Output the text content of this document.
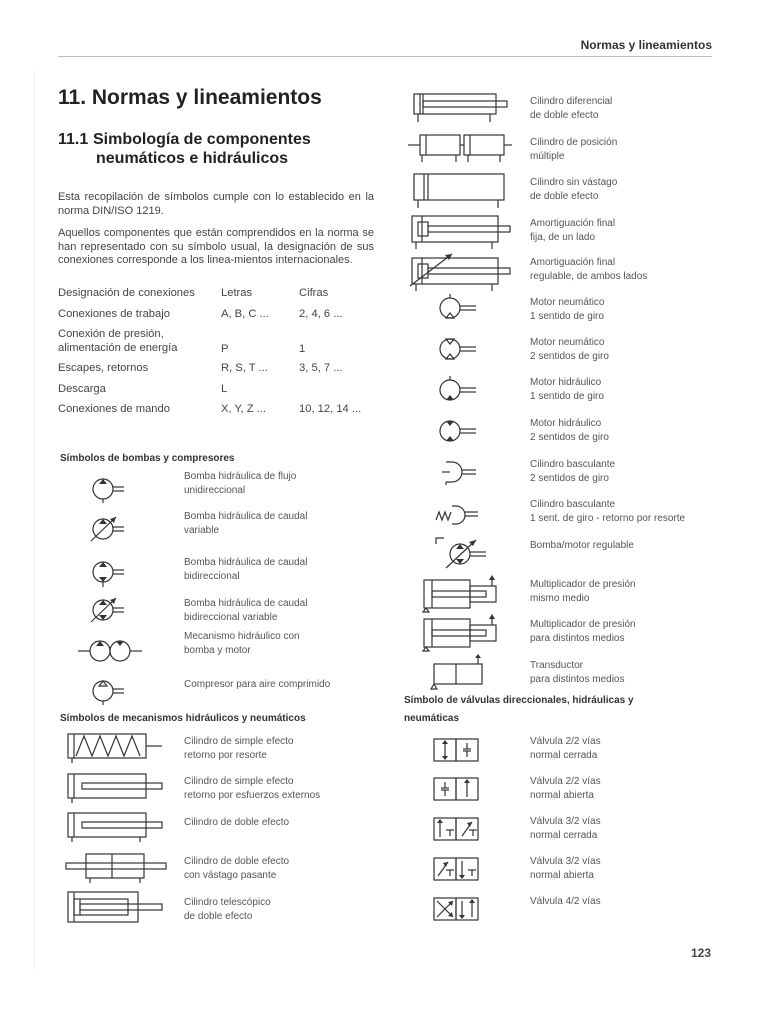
Normas y lineamientos
11. Normas y lineamientos
11.1 Simbología de componentes
neumáticos e hidráulicos
Esta recopilación de símbolos cumple con lo establecido en la norma DIN/ISO 1219.
Aquellos componentes que están comprendidos en la norma se han representado con su símbolo usual, la designación de sus conexiones corresponde a los linea-mientos internacionales.
Designación de conexiones	Letras	Cifras
Conexiones de trabajo	A, B, C ...	2, 4, 6 ...

Conexión de presión,
alimentación de energía	P	1
Escapes, retornos	R, S, T ...	3, 5, 7 ...
Descarga	L	
Conexiones de mando	X, Y, Z ...	10, 12, 14 ...
Símbolos de bombas y compresores
Bomba hidráulica de flujo
unidireccional
Bomba hidráulica de caudal
variable
Bomba hidráulica de caudal
bidireccional
Bomba hidráulica de caudal
bidireccional variable
Mecanismo hidráulico con
bomba y motor
Compresor para aire comprimido
Símbolos de mecanismos hidráulicos y neumáticos
Cilindro de simple efecto
retorno por resorte
Cilindro de simple efecto
retorno por esfuerzos externos
Cilindro de doble efecto
Cilindro de doble efecto
con vástago pasante
Cilindro telescópico
de doble efecto
Cilindro diferencial
de doble efecto
Cilindro de posición
múltiple
Cilindro sin vástago
de doble efecto
Amortiguación final
fija, de un lado
Amortiguación final
regulable, de ambos lados
Motor neumático
1 sentido de giro
Motor neumático
2 sentidos de giro
Motor hidráulico
1 sentido de giro
Motor hidráulico
2 sentidos de giro
Cilindro basculante
2 sentidos de giro
Cilindro basculante
1 sent. de giro - retorno por resorte
Bomba/motor regulable
Multiplicador de presión
mismo medio
Multiplicador de presión
para distintos medios
Transductor
para distintos medios
Símbolo de válvulas direccionales, hidráulicas y
neumáticas
Válvula 2/2 vías
normal cerrada
Válvula 2/2 vías
normal abierta
Válvula 3/2 vías
normal cerrada
Válvula 3/2 vías
normal abierta
Válvula 4/2 vías
123
